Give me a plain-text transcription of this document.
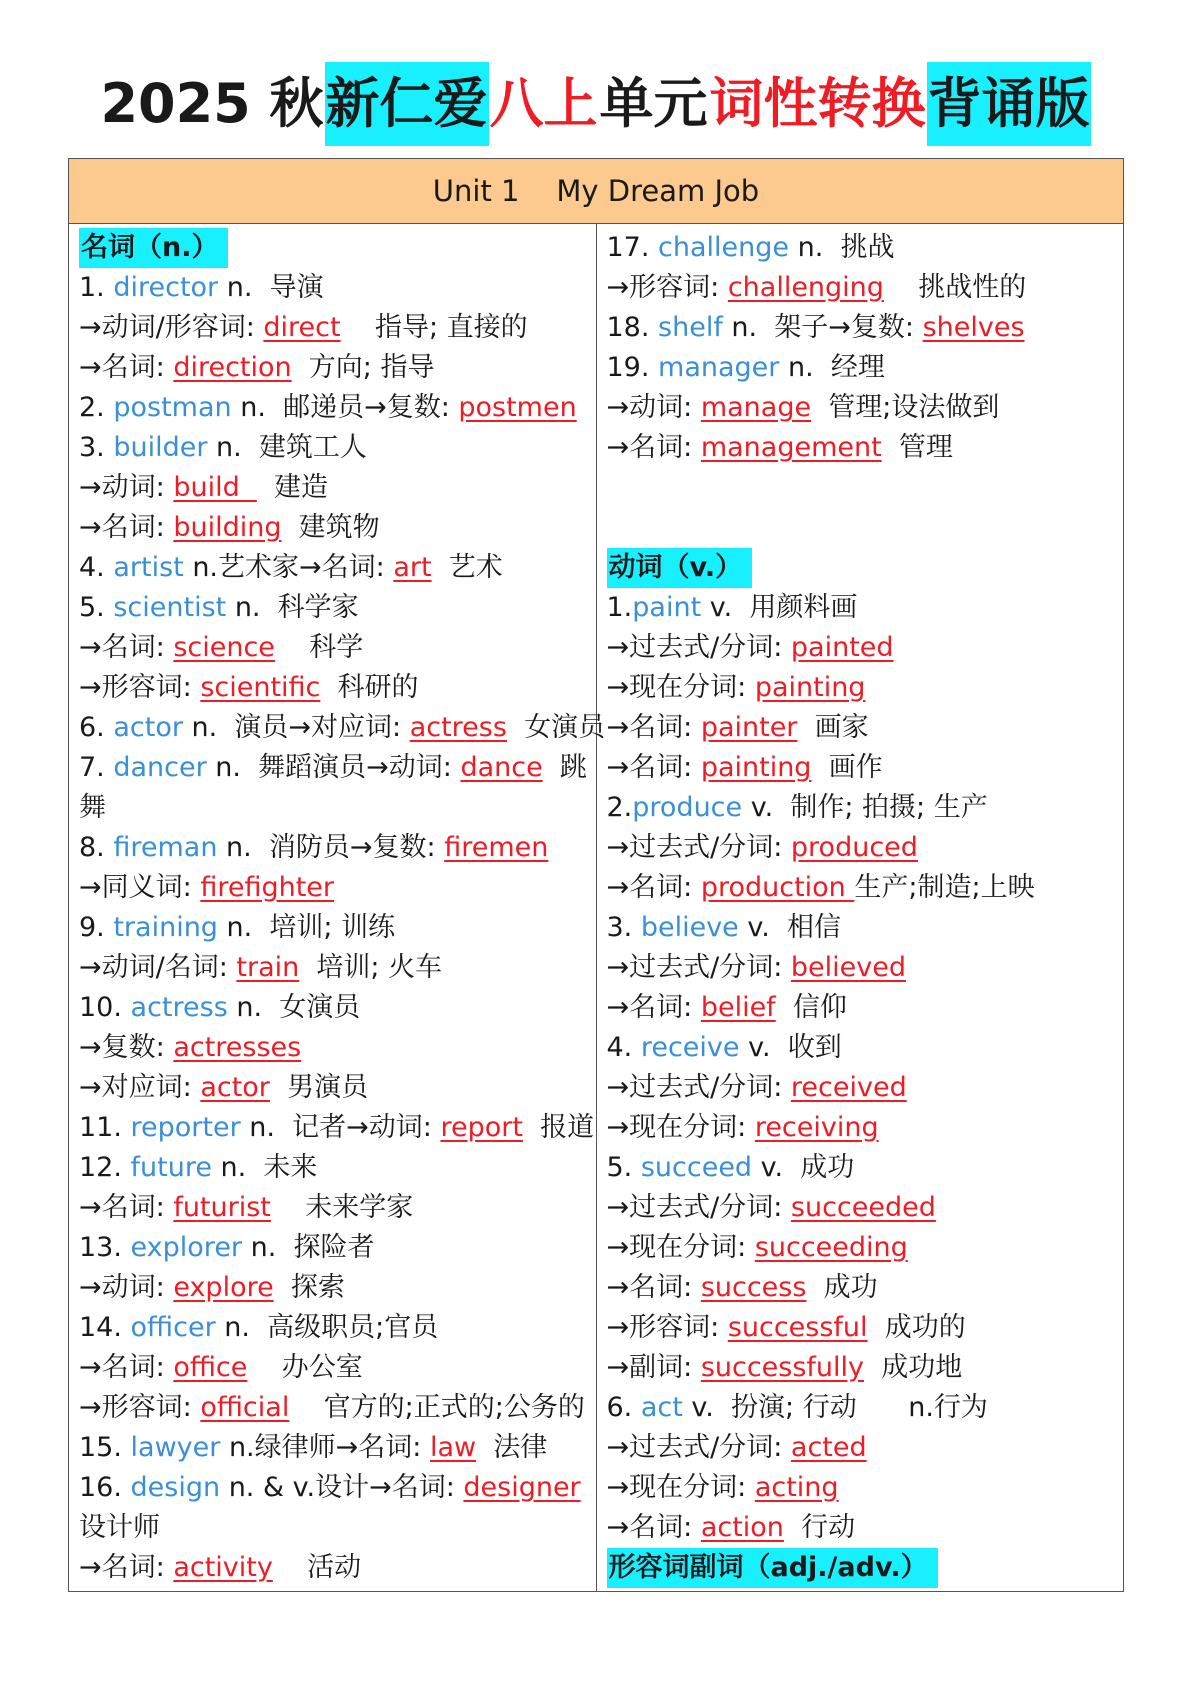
2025 秋新仁爱八上单元词性转换背诵版
Unit 1    My Dream Job

名词（n.）
1. director n.  导演
→动词/形容词: direct    指导; 直接的
→名词: direction  方向; 指导
2. postman n.  邮递员→复数: postmen
3. builder n.  建筑工人
→动词: build    建造
→名词: building  建筑物
4. artist n.艺术家→名词: art  艺术
5. scientist n.  科学家
→名词: science    科学
→形容词: scientific  科研的
6. actor n.  演员→对应词: actress  女演员
7. dancer n.  舞蹈演员→动词: dance  跳舞
8. fireman n.  消防员→复数: firemen
→同义词: firefighter
9. training n.  培训; 训练
→动词/名词: train  培训; 火车
10. actress n.  女演员
→复数: actresses
→对应词: actor  男演员
11. reporter n.  记者→动词: report  报道
12. future n.  未来
→名词: futurist    未来学家
13. explorer n.  探险者
→动词: explore  探索
14. officer n.  高级职员;官员
→名词: office    办公室
→形容词: official    官方的;正式的;公务的
15. lawyer n.绿律师→名词: law  法律
16. design n. & v.设计→名词: designer 设计师
→名词: activity    活动

17. challenge n.  挑战
→形容词: challenging    挑战性的
18. shelf n.  架子→复数: shelves
19. manager n.  经理
→动词: manage  管理;设法做到
→名词: management  管理
动词（v.）
1.paint v.  用颜料画
→过去式/分词: painted
→现在分词: painting
→名词: painter  画家
→名词: painting  画作
2.produce v.  制作; 拍摄; 生产
→过去式/分词: produced
→名词: production 生产;制造;上映
3. believe v.  相信
→过去式/分词: believed
→名词: belief  信仰
4. receive v.  收到
→过去式/分词: received
→现在分词: receiving
5. succeed v.  成功
→过去式/分词: succeeded
→现在分词: succeeding
→名词: success  成功
→形容词: successful  成功的
→副词: successfully  成功地
6. act v.  扮演; 行动      n.行为
→过去式/分词: acted
→现在分词: acting
→名词: action  行动
形容词副词（adj./adv.）
